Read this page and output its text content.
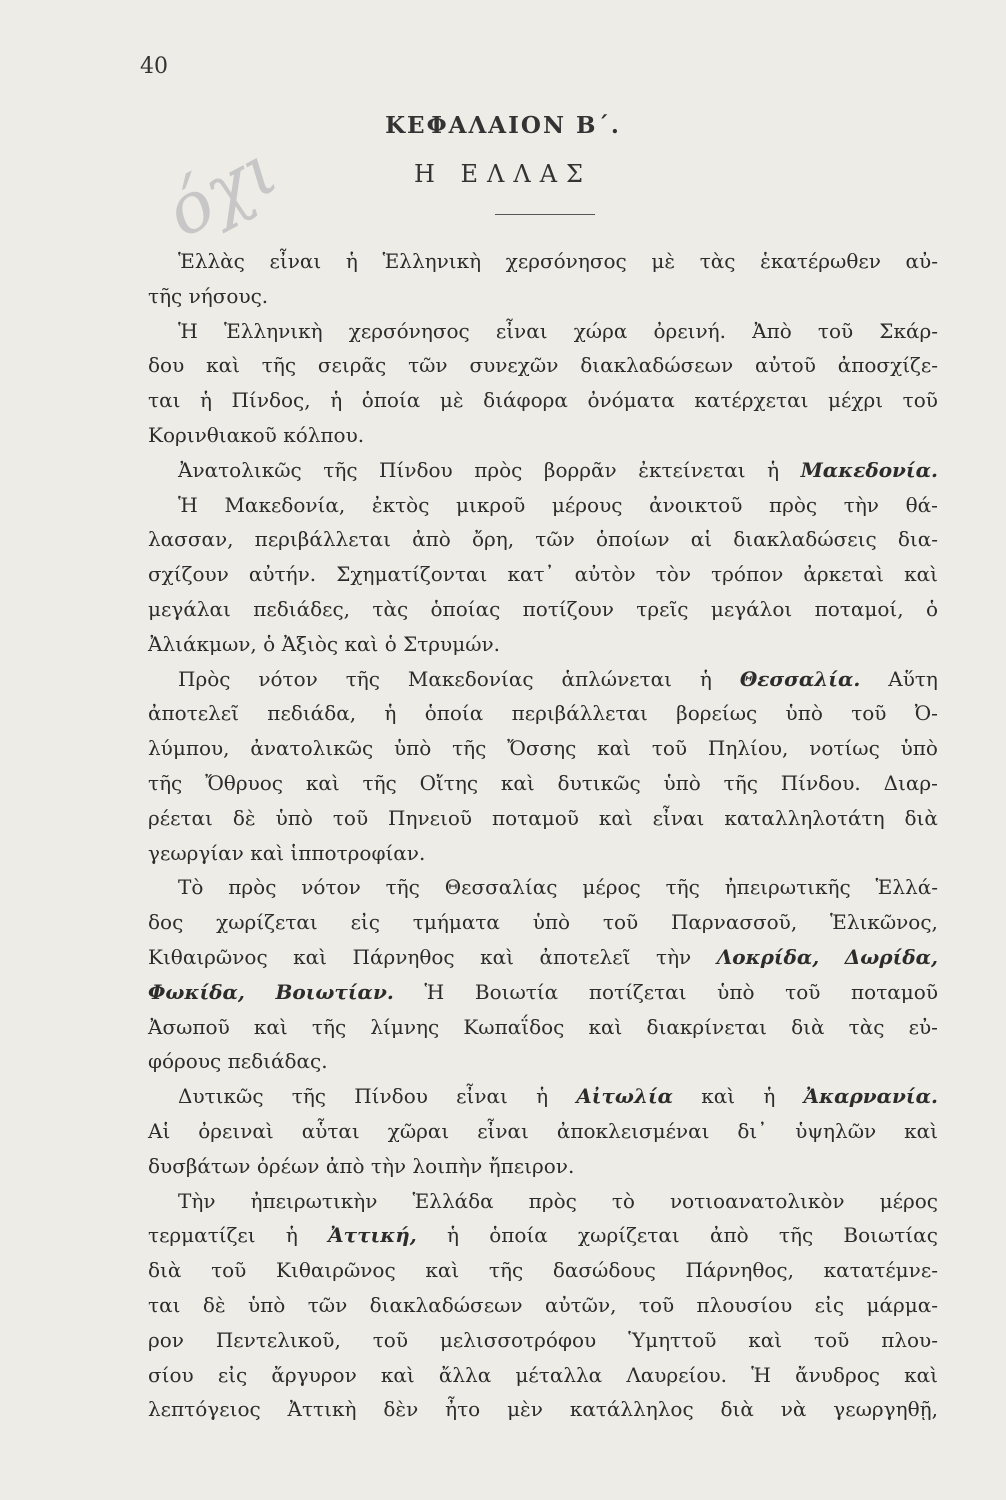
40
όχι
ΚΕΦΑΛΑΙΟΝ Β΄.
Η ΕΛΛΑΣ
Ἑλλὰς εἶναι ἡ Ἑλληνικὴ χερσόνησος μὲ τὰς ἑκατέρωθεν αὐ-
τῆς νήσους.
Ἡ Ἑλληνικὴ χερσόνησος εἶναι χώρα ὀρεινή. Ἀπὸ τοῦ Σκάρ-
δου καὶ τῆς σειρᾶς τῶν συνεχῶν διακλαδώσεων αὐτοῦ ἀποσχίζε-
ται ἡ Πίνδος, ἡ ὁποία μὲ διάφορα ὀνόματα κατέρχεται μέχρι τοῦ
Κορινθιακοῦ κόλπου.
Ἀνατολικῶς τῆς Πίνδου πρὸς βορρᾶν ἐκτείνεται ἡ Μακεδονία.
Ἡ Μακεδονία, ἐκτὸς μικροῦ μέρους ἀνοικτοῦ πρὸς τὴν θά-
λασσαν, περιβάλλεται ἀπὸ ὄρη, τῶν ὁποίων αἱ διακλαδώσεις δια-
σχίζουν αὐτήν. Σχηματίζονται κατ᾿ αὐτὸν τὸν τρόπον ἀρκεταὶ καὶ
μεγάλαι πεδιάδες, τὰς ὁποίας ποτίζουν τρεῖς μεγάλοι ποταμοί, ὁ
Ἀλιάκμων, ὁ Ἀξιὸς καὶ ὁ Στρυμών.
Πρὸς νότον τῆς Μακεδονίας ἁπλώνεται ἡ Θεσσαλία. Αὕτη
ἀποτελεῖ πεδιάδα, ἡ ὁποία περιβάλλεται βορείως ὑπὸ τοῦ Ὀ-
λύμπου, ἀνατολικῶς ὑπὸ τῆς Ὄσσης καὶ τοῦ Πηλίου, νοτίως ὑπὸ
τῆς Ὄθρυος καὶ τῆς Οἴτης καὶ δυτικῶς ὑπὸ τῆς Πίνδου. Διαρ-
ρέεται δὲ ὑπὸ τοῦ Πηνειοῦ ποταμοῦ καὶ εἶναι καταλληλοτάτη διὰ
γεωργίαν καὶ ἱπποτροφίαν.
Τὸ πρὸς νότον τῆς Θεσσαλίας μέρος τῆς ἠπειρωτικῆς Ἑλλά-
δος χωρίζεται εἰς τμήματα ὑπὸ τοῦ Παρνασσοῦ, Ἑλικῶνος,
Κιθαιρῶνος καὶ Πάρνηθος καὶ ἀποτελεῖ τὴν Λοκρίδα, Δωρίδα,
Φωκίδα, Βοιωτίαν. Ἡ Βοιωτία ποτίζεται ὑπὸ τοῦ ποταμοῦ
Ἀσωποῦ καὶ τῆς λίμνης Κωπαΐδος καὶ διακρίνεται διὰ τὰς εὐ-
φόρους πεδιάδας.
Δυτικῶς τῆς Πίνδου εἶναι ἡ Αἰτωλία καὶ ἡ Ἀκαρνανία.
Αἱ ὀρειναὶ αὗται χῶραι εἶναι ἀποκλεισμέναι δι᾿ ὑψηλῶν καὶ
δυσβάτων ὀρέων ἀπὸ τὴν λοιπὴν ἤπειρον.
Τὴν ἠπειρωτικὴν Ἑλλάδα πρὸς τὸ νοτιοανατολικὸν μέρος
τερματίζει ἡ Ἀττική, ἡ ὁποία χωρίζεται ἀπὸ τῆς Βοιωτίας
διὰ τοῦ Κιθαιρῶνος καὶ τῆς δασώδους Πάρνηθος, κατατέμνε-
ται δὲ ὑπὸ τῶν διακλαδώσεων αὐτῶν, τοῦ πλουσίου εἰς μάρμα-
ρον Πεντελικοῦ, τοῦ μελισσοτρόφου Ὑμηττοῦ καὶ τοῦ πλου-
σίου εἰς ἄργυρον καὶ ἄλλα μέταλλα Λαυρείου. Ἡ ἄνυδρος καὶ
λεπτόγειος Ἀττικὴ δὲν ἦτο μὲν κατάλληλος διὰ νὰ γεωργηθῇ,
